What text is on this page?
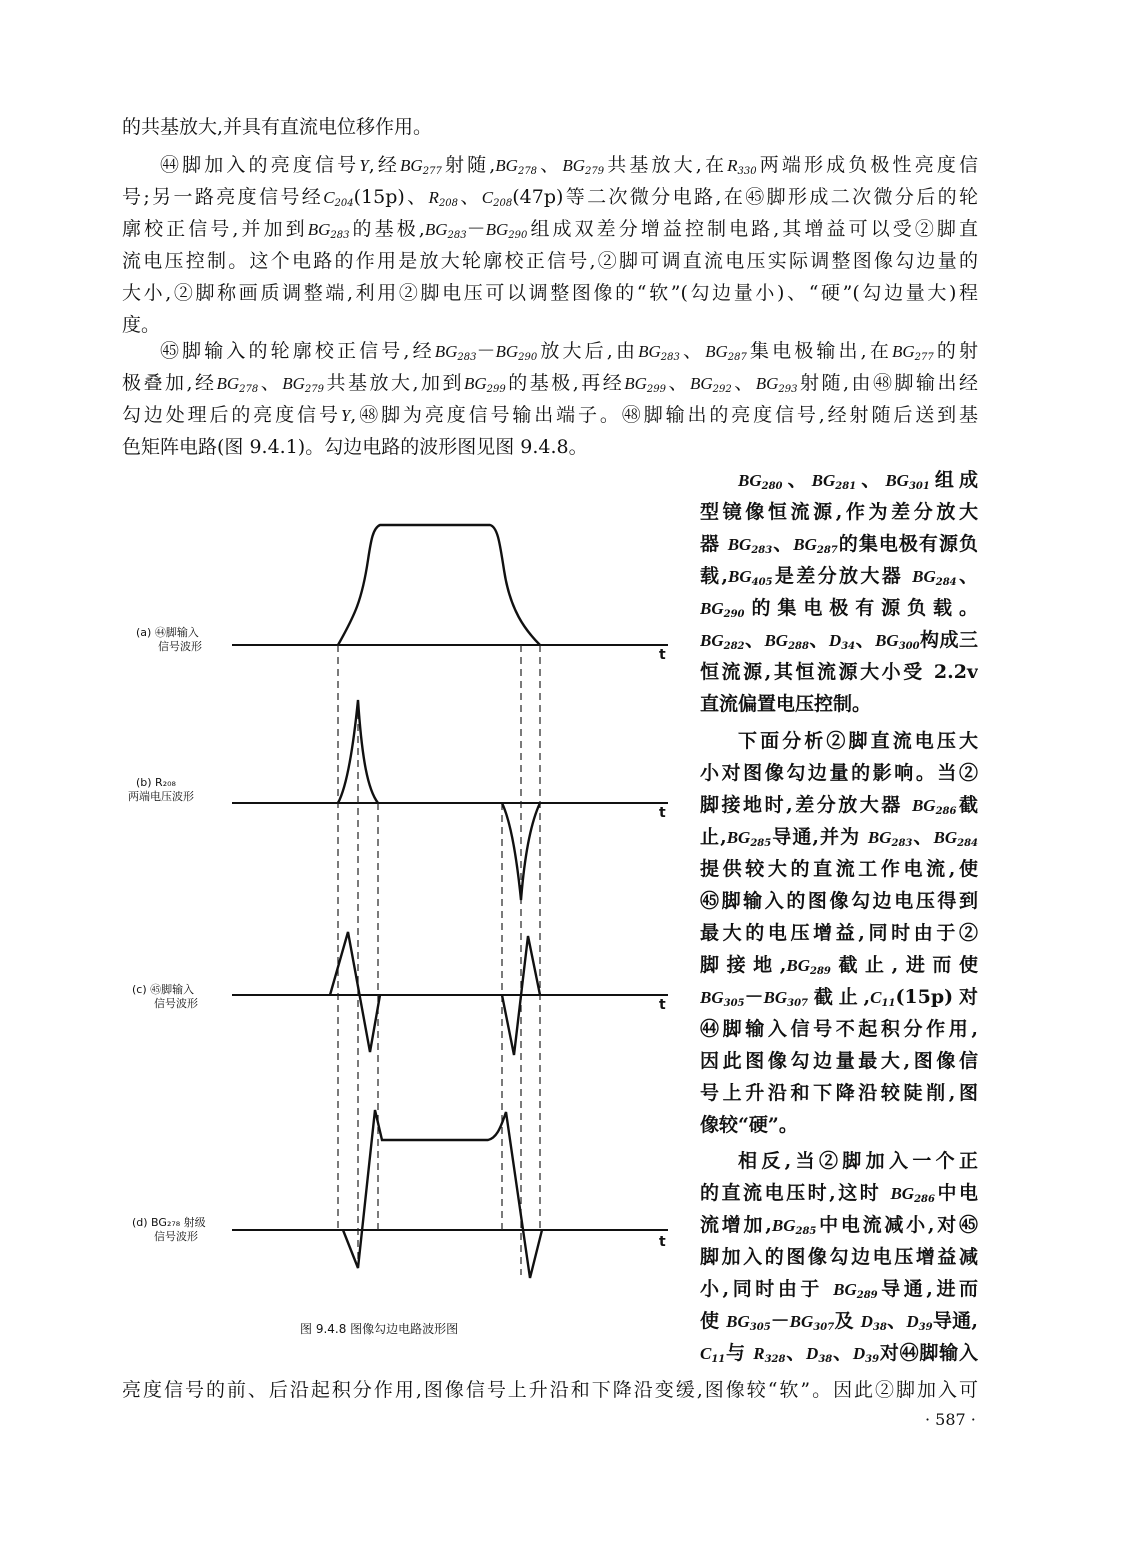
的共基放大,并具有直流电位移作用。
㊹脚加入的亮度信号Y,经$BG_{277}$射随$,BG_{278}$、$BG_{279}$共基放大,在$R_{330}$两端形成负极性亮度信
号;另一路亮度信号经$C_{204}(15p)$、$R_{208}$、$C_{208}(47p)$等二次微分电路,在㊺脚形成二次微分后的轮
廓校正信号,并加到$BG_{283}$的基极$,BG_{283}-BG_{290}$组成双差分增益控制电路,其增益可以受②脚直
流电压控制。这个电路的作用是放大轮廓校正信号,②脚可调直流电压实际调整图像勾边量的
大小,②脚称画质调整端,利用②脚电压可以调整图像的“软”(勾边量小)、“硬”(勾边量大)程
度。
㊺脚输入的轮廓校正信号,经$BG_{283}-BG_{290}$放大后,由$BG_{283}$、$BG_{287}$集电极输出,在$BG_{277}$的射
极叠加,经$BG_{278}$、$BG_{279}$共基放大,加到$BG_{299}$的基极,再经$BG_{299}$、$BG_{292}$、$BG_{293}$射随,由㊽脚输出经
勾边处理后的亮度信号Y,㊽脚为亮度信号输出端子。㊽脚输出的亮度信号,经射随后送到基
色矩阵电路(图 9.4.1)。勾边电路的波形图见图 9.4.8。
$BG_{280}$、$BG_{281}$、$BG_{301}$组成
型镜像恒流源,作为差分放大
器 $BG_{283}$、$BG_{287}$的集电极有源负
载$,BG_{405}$是差分放大器 $BG_{284}$、
$BG_{290}$的集电极有源负载。
$BG_{282}$、$BG_{288}$、$D_{34}$、$BG_{300}$构成三
恒流源,其恒流源大小受 2.2v
直流偏置电压控制。
下面分析②脚直流电压大
小对图像勾边量的影响。当②
脚接地时,差分放大器 $BG_{286}$截
止$,BG_{285}$导通,并为 $BG_{283}$、$BG_{284}$
提供较大的直流工作电流,使
㊺脚输入的图像勾边电压得到
最大的电压增益,同时由于②
脚接地$,BG_{289}$截止,进而使
$BG_{305}-BG_{307}$截止$,C_{11}(15p)$对
㊹脚输入信号不起积分作用,
因此图像勾边量最大,图像信
号上升沿和下降沿较陡削,图
像较“硬”。
相反,当②脚加入一个正
的直流电压时,这时 $BG_{286}$中电
流增加$,BG_{285}$中电流减小,对㊺
脚加入的图像勾边电压增益减
小,同时由于 $BG_{289}$导通,进而
使 $BG_{305}-BG_{307}$及 $D_{38}$、$D_{39}$导通,
$C_{11}$与 $R_{328}$、$D_{38}$、$D_{39}$对㊹脚输入
亮度信号的前、后沿起积分作用,图像信号上升沿和下降沿变缓,图像较“软”。因此②脚加入可
t
t
t
t
(a) ㊹脚输入
信号波形
(b) R₂₀₈
两端电压波形
(c) ㊺脚输入
信号波形
(d) BG₂₇₈ 射级
信号波形
图 9.4.8 图像勾边电路波形图
· 587 ·
